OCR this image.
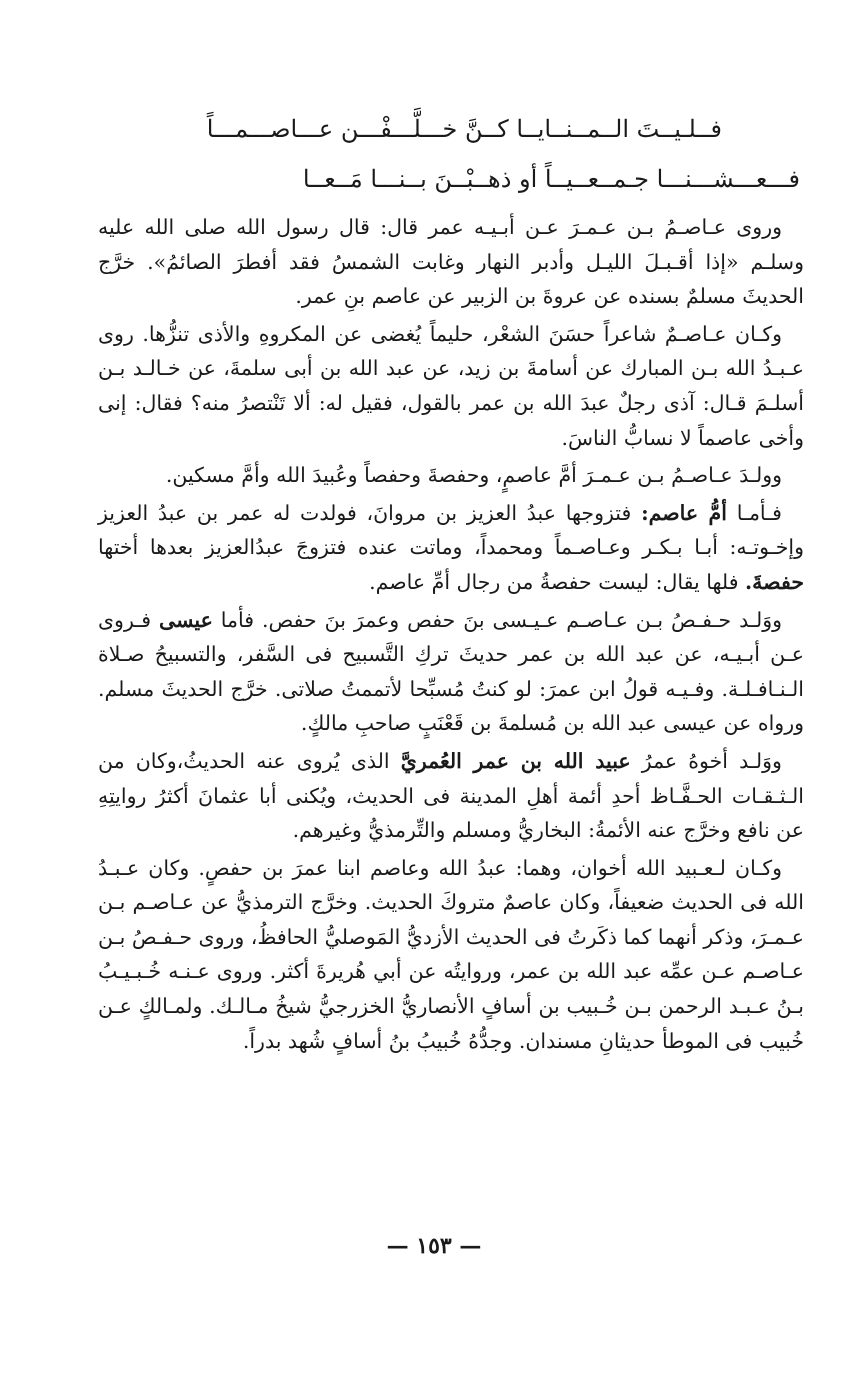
فــلـيــتَ الــمــنــايــا كــنَّ خـــلَّـــفْـــن عـــاصـــمـــاً
فـــعـــشـــنـــا جـمــعــيــاً أو ذهــبْــنَ بــنـــا مَــعــا

وروى عـاصـمُ بـن عـمـرَ عـن أبـيـه عمر قال: قال رسول الله صلى الله عليه وسلـم «إذا أقـبـلَ الليـل وأدبر النهار وغابت الشمسُ فقد أفطرَ الصائمُ». خرَّج الحديثَ مسلمٌ بسنده عن عروةَ بن الزبير عن عاصم بنِ عمر.

وكـان عـاصـمٌ شاعراً حسَنَ الشعْر، حليماً يُغضى عن المكروهِ والأذى تنزُّها. روى عـبـدُ الله بـن المبارك عن أسامةَ بن زيد، عن عبد الله بن أبى سلمةَ، عن خـالـد بـن أسلـمَ قـال: آذى رجلٌ عبدَ الله بن عمر بالقول، فقيل له: ألا تَنْتصرُ منه؟ فقال: إنى وأخى عاصماً لا نسابُّ الناسَ.

وولـدَ عـاصـمُ بـن عـمـرَ أمَّ عاصمٍ، وحفصةَ وحفصاً وعُبيدَ الله وأمَّ مسكين.

فـأمـا أمُّ عاصم: فتزوجها عبدُ العزيز بن مروانَ، فولدت له عمر بن عبدُ العزيز وإخـوتـه: أبـا بـكـر وعـاصـماً ومحمداً، وماتت عنده فتزوجَ عبدُالعزيز بعدها أختها حفصةَ. فلها يقال: ليست حفصةُ من رجال أمِّ عاصم.

ووَلـد حـفـصُ بـن عـاصـم عـيـسى بنَ حفص وعمرَ بنَ حفص. فأما عيسى فـروى عـن أبـيـه، عن عبد الله بن عمر حديثَ تركِ التَّسبيح فى السَّفر، والتسبيحُ صـلاة الـنـافـلـة. وفـيـه قولُ ابن عمرَ: لو كنتُ مُسبِّحا لأتممتُ صلاتى. خرَّج الحديثَ مسلم. ورواه عن عيسى عبد الله بن مُسلمةَ بن قَعْنَبٍ صاحبِ مالكٍ.

ووَلـد أخوهُ عمرُ عبيد الله بن عمر العُمريَّ الذى يُروى عنه الحديثُ،وكان من الـثـقـات الحـفَّـاظ أحدِ أئمة أهلِ المدينة فى الحديث، ويُكنى أبا عثمانَ أكثرُ روايتِهِ عن نافع وخرَّج عنه الأئمةُ: البخاريُّ ومسلم والتِّرمذيُّ وغيرهم.

وكـان لـعـبيد الله أخوان، وهما: عبدُ الله وعاصم ابنا عمرَ بن حفصٍ. وكان عـبـدُ الله فى الحديث ضعيفاً، وكان عاصمٌ متروكَ الحديث. وخرَّج الترمذيُّ عن عـاصـم بـن عـمـرَ، وذكر أنهما كما ذكَرتُ فى الحديث الأزديُّ المَوصليُّ الحافظُ، وروى حـفـصُ بـن عـاصـم عـن عمِّه عبد الله بن عمر، وروايتُه عن أبي هُريرةَ أكثر. وروى عـنـه خُـبـيـبُ بـنُ عـبـد الرحمن بـن خُـبيب بن أسافٍ الأنصاريُّ الخزرجيُّ شيخُ مـالـك. ولمـالكٍ عـن خُبيب فى الموطأ حديثانِ مسندان. وجدُّهُ خُبيبُ بنُ أسافٍ شُهد بدراً.

— ١٥٣ —
